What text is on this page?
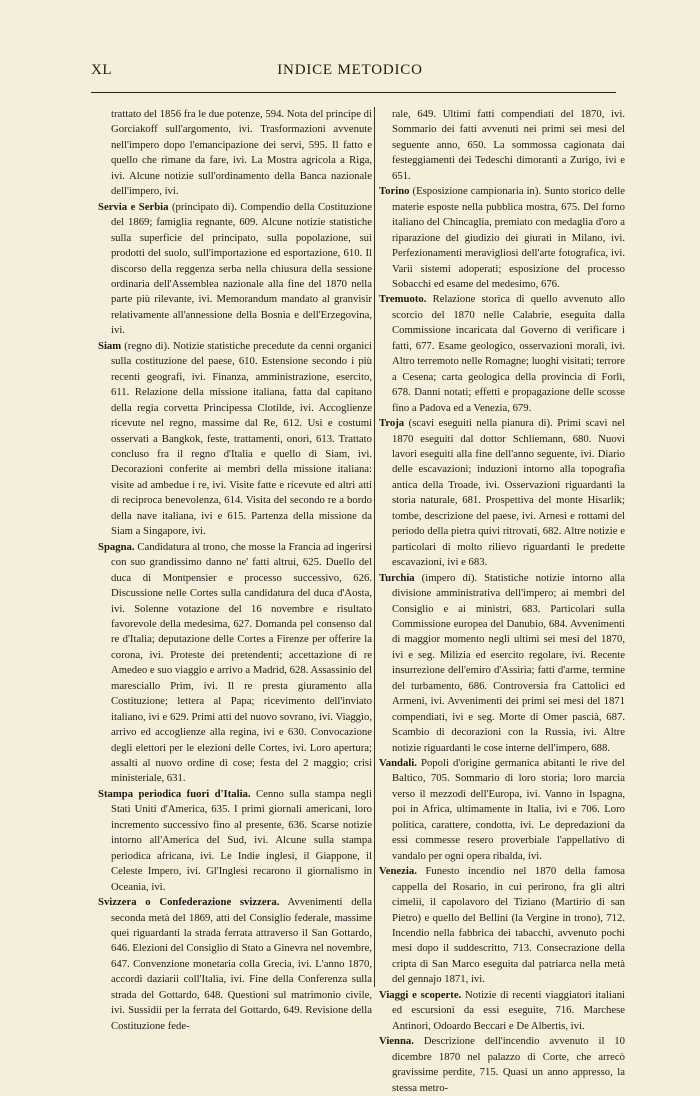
XL	INDICE METODICO

trattato del 1856 fra le due potenze, 594. Nota del principe di Gorciakoff sull'argomento, ivi. Trasformazioni avvenute nell'impero dopo l'emancipazione dei servi, 595. Il fatto e quello che rimane da fare, ivi. La Mostra agricola a Riga, ivi. Alcune notizie sull'ordinamento della Banca nazionale dell'impero, ivi.

Servia e Serbia (principato di). Compendio della Costituzione del 1869; famiglia regnante, 609. Alcune notizie statistiche sulla superficie del principato, sulla popolazione, sui prodotti del suolo, sull'importazione ed esportazione, 610. Il discorso della reggenza serba nella chiusura della sessione ordinaria dell'Assemblea nazionale alla fine del 1870 nella parte più rilevante, ivi. Memorandum mandato al granvisir relativamente all'annessione della Bosnia e dell'Erzegovina, ivi.

Siam (regno di). Notizie statistiche precedute da cenni organici sulla costituzione del paese, 610. Estensione secondo i più recenti geografi, ivi. Finanza, amministrazione, esercito, 611. Relazione della missione italiana, fatta dal capitano della regia corvetta Principessa Clotilde, ivi. Accoglienze ricevute nel regno, massime dal Re, 612. Usi e costumi osservati a Bangkok, feste, trattamenti, onori, 613. Trattato concluso fra il regno d'Italia e quello di Siam, ivi. Decorazioni conferite ai membri della missione italiana: visite ad ambedue i re, ivi. Visite fatte e ricevute ed altri atti di reciproca benevolenza, 614. Visita del secondo re a bordo della nave italiana, ivi e 615. Partenza della missione da Siam a Singapore, ivi.

Spagna. Candidatura al trono, che mosse la Francia ad ingerirsi con suo grandissimo danno ne' fatti altrui, 625. Duello del duca di Montpensier e processo successivo, 626. Discussione nelle Cortes sulla candidatura del duca d'Aosta, ivi. Solenne votazione del 16 novembre e risultato favorevole della medesima, 627. Domanda pel consenso dal re d'Italia; deputazione delle Cortes a Firenze per offerire la corona, ivi. Proteste dei pretendenti; accettazione di re Amedeo e suo viaggio e arrivo a Madrid, 628. Assassinio del maresciallo Prim, ivi. Il re presta giuramento alla Costituzione; lettera al Papa; ricevimento dell'inviato italiano, ivi e 629. Primi atti del nuovo sovrano, ivi. Viaggio, arrivo ed accoglienze alla regina, ivi e 630. Convocazione degli elettori per le elezioni delle Cortes, ivi. Loro apertura; assalti al nuovo ordine di cose; festa del 2 maggio; crisi ministeriale, 631.

Stampa periodica fuori d'Italia. Cenno sulla stampa negli Stati Uniti d'America, 635. I primi giornali americani, loro incremento successivo fino al presente, 636. Scarse notizie intorno all'America del Sud, ivi. Alcune sulla stampa periodica africana, ivi. Le Indie inglesi, il Giappone, il Celeste Impero, ivi. Gl'Inglesi recarono il giornalismo in Oceania, ivi.

Svizzera o Confederazione svizzera. Avvenimenti della seconda metà del 1869, atti del Consiglio federale, massime quei riguardanti la strada ferrata attraverso il San Gottardo, 646. Elezioni del Consiglio di Stato a Ginevra nel novembre, 647. Convenzione monetaria colla Grecia, ivi. L'anno 1870, accordi daziarii coll'Italia, ivi. Fine della Conferenza sulla strada del Gottardo, 648. Questioni sul matrimonio civile, ivi. Sussidii per la ferrata del Gottardo, 649. Revisione della Costituzione fede-

rale, 649. Ultimi fatti compendiati del 1870, ivi. Sommario dei fatti avvenuti nei primi sei mesi del seguente anno, 650. La sommossa cagionata dai festeggiamenti dei Tedeschi dimoranti a Zurigo, ivi e 651.

Torino (Esposizione campionaria in). Sunto storico delle materie esposte nella pubblica mostra, 675. Del forno italiano del Chincaglia, premiato con medaglia d'oro a riparazione del giudizio dei giurati in Milano, ivi. Perfezionamenti meravigliosi dell'arte fotografica, ivi. Varii sistemi adoperati; esposizione del processo Sobacchi ed esame del medesimo, 676.

Tremuoto. Relazione storica di quello avvenuto allo scorcio del 1870 nelle Calabrie, eseguita dalla Commissione incaricata dal Governo di verificare i fatti, 677. Esame geologico, osservazioni morali, ivi. Altro terremoto nelle Romagne; luoghi visitati; terrore a Cesena; carta geologica della provincia di Forlì, 678. Danni notati; effetti e propagazione delle scosse fino a Padova ed a Venezia, 679.

Troja (scavi eseguiti nella pianura di). Primi scavi nel 1870 eseguiti dal dottor Schliemann, 680. Nuovi lavori eseguiti alla fine dell'anno seguente, ivi. Diario delle escavazioni; induzioni intorno alla topografia antica della Troade, ivi. Osservazioni riguardanti la storia naturale, 681. Prospettiva del monte Hisarlik; tombe, descrizione del paese, ivi. Arnesi e rottami del periodo della pietra quivi ritrovati, 682. Altre notizie e particolari di molto rilievo riguardanti le predette escavazioni, ivi e 683.

Turchia (impero di). Statistiche notizie intorno alla divisione amministrativa dell'impero; ai membri del Consiglio e ai ministri, 683. Particolari sulla Commissione europea del Danubio, 684. Avvenimenti di maggior momento negli ultimi sei mesi del 1870, ivi e seg. Milizia ed esercito regolare, ivi. Recente insurrezione dell'emiro d'Assiria; fatti d'arme, termine del turbamento, 686. Controversia fra Cattolici ed Armeni, ivi. Avvenimenti dei primi sei mesi del 1871 compendiati, ivi e seg. Morte di Omer pascià, 687. Scambio di decorazioni con la Russia, ivi. Altre notizie riguardanti le cose interne dell'impero, 688.

Vandali. Popoli d'origine germanica abitanti le rive del Baltico, 705. Sommario di loro storia; loro marcia verso il mezzodì dell'Europa, ivi. Vanno in Ispagna, poi in Africa, ultimamente in Italia, ivi e 706. Loro politica, carattere, condotta, ivi. Le depredazioni da essi commesse resero proverbiale l'appellativo di vandalo per ogni opera ribalda, ivi.

Venezia. Funesto incendio nel 1870 della famosa cappella del Rosario, in cui perirono, fra gli altri cimelii, il capolavoro del Tiziano (Martirio di san Pietro) e quello del Bellini (la Vergine in trono), 712. Incendio nella fabbrica dei tabacchi, avvenuto pochi mesi dopo il suddescritto, 713. Consecrazione della cripta di San Marco eseguita dal patriarca nella metà del gennajo 1871, ivi.

Viaggi e scoperte. Notizie di recenti viaggiatori italiani ed escursioni da essi eseguite, 716. Marchese Antinori, Odoardo Beccari e De Albertis, ivi.

Vienna. Descrizione dell'incendio avvenuto il 10 dicembre 1870 nel palazzo di Corte, che arrecò gravissime perdite, 715. Quasi un anno appresso, la stessa metro-
